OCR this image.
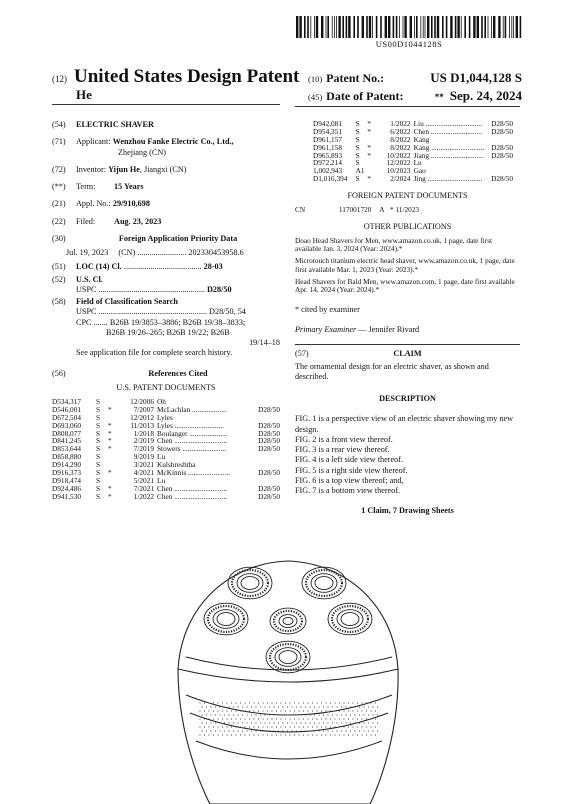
US00D1044128S
(12) United States Design Patent
He
(10) Patent No.:	US D1,044,128 S
(45) Date of Patent:	** Sep. 24, 2024
(54)	ELECTRIC SHAVER
(71)	Applicant: Wenzhou Fanke Electric Co., Ltd.,
Zhejiang (CN)
(72)	Inventor: Yijun He, Jiangxi (CN)
(**)	Term: 15 Years
(21)	Appl. No.: 29/910,698
(22)	Filed: Aug. 23, 2023
(30)	Foreign Application Priority Data
Jul. 19, 2023 (CN) ........................ 202330453958.6
(51)	LOC (14) Cl. ...................................... 28-03
(52)	U.S. Cl.
USPC .................................................... D28/50
(58)	Field of Classification Search
USPC ..................................................... D28/50, 54
CPC ....... B26B 19/3853–3886; B26B 19/38–3833;
B26B 19/26–265; B26B 19/22; B26B

19/14–18
See application file for complete search history.
(56)	References Cited
U.S. PATENT DOCUMENTS
D534,317	S		12/2006	Oh	
D546,001	S	*	7/2007	McLachlan ...................	D28/50
D672,504	S		12/2012	Lyles	
D693,060	S	*	11/2013	Lyles ...........................	D28/50
D808,077	S	*	1/2018	Boulanger .....................	D28/50
D841,245	S	*	2/2019	Chen .............................	D28/50
D853,644	S	*	7/2019	Stowers ........................	D28/50
D858,880	S		9/2019	Lu	
D914,290	S		3/2021	Kulshreshtha	
D916,373	S	*	4/2021	McKinnis .......................	D28/50
D918,474	S		5/2021	Lu	
D924,486	S	*	7/2021	Chen .............................	D28/50
D941,530	S	*	1/2022	Chen .............................	D28/50
D942,081	S	*	1/2022	Liu ...............................	D28/50
D954,351	S	*	6/2022	Chen ............................	D28/50
D961,157	S		8/2022	Kang	
D961,158	S	*	8/2022	Kang .............................	D28/50
D965,893	S	*	10/2022	Jiang .............................	D28/50
D972,214	S		12/2022	Lu	
1,002,943	A1		10/2023	Gao	
D1,016,394	S	*	2/2024	Jing ..............................	D28/50
FOREIGN PATENT DOCUMENTS
CN	117001720 A * 11/2023
OTHER PUBLICATIONS
Doao Head Shavers for Men, www.amazon.co.uk, 1 page, date first available Jan. 3, 2024 (Year: 2024).*
Microtouch titanium electric head shaver, www.amazon.co.uk, 1 page, date first available Mar. 1, 2023 (Year: 2023).*
Head Shavers for Bald Men, www.amazon.com, 1 page, date first available Apr. 14, 2024 (Year: 2024).*
* cited by examiner
Primary Examiner — Jennifer Rivard
(57)	CLAIM
The ornamental design for an electric shaver, as shown and described.
DESCRIPTION
FIG. 1 is a perspective view of an electric shaver showing my new design.
FIG. 2 is a front view thereof.
FIG. 3 is a rear view thereof.
FIG. 4 is a left side view thereof.
FIG. 5 is a right side view thereof.
FIG. 6 is a top view thereof; and,
FIG. 7 is a bottom view thereof.
1 Claim, 7 Drawing Sheets
